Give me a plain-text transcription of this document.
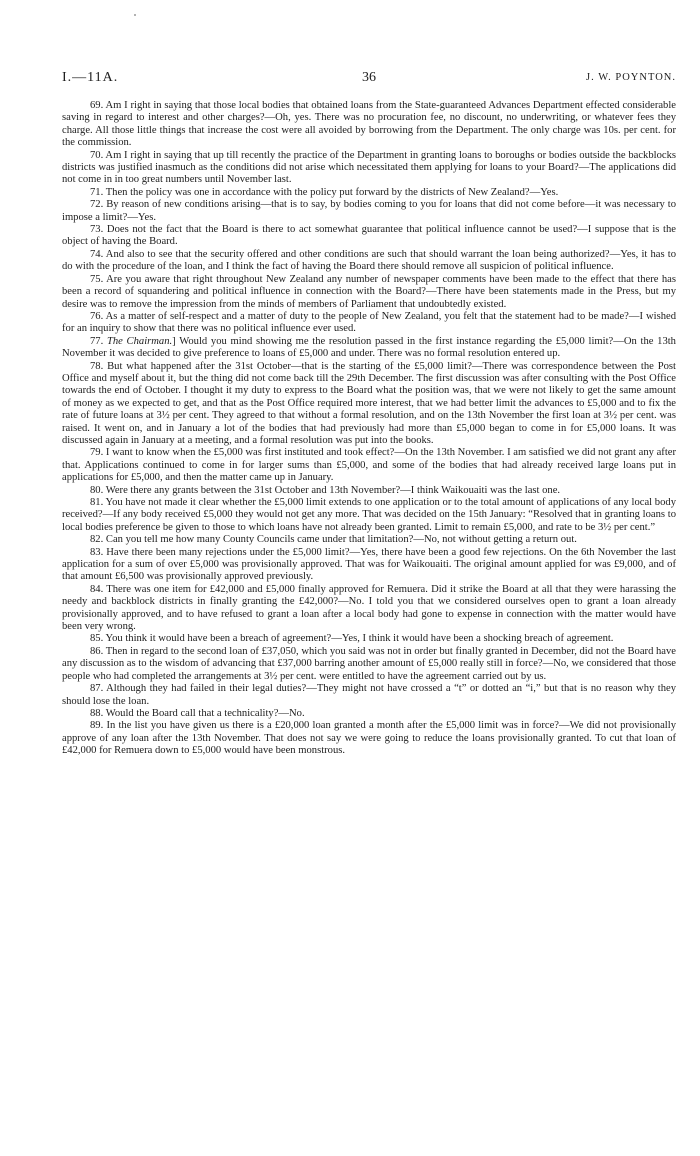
I.—11A.	36	J. W. POYNTON.

69. Am I right in saying that those local bodies that obtained loans from the State-guaranteed Advances Department effected considerable saving in regard to interest and other charges?—Oh, yes. There was no procuration fee, no discount, no underwriting, or whatever fees they charge. All those little things that increase the cost were all avoided by borrowing from the Department. The only charge was 10s. per cent. for the commission.

70. Am I right in saying that up till recently the practice of the Department in granting loans to boroughs or bodies outside the backblocks districts was justified inasmuch as the conditions did not arise which necessitated them applying for loans to your Board?—The applications did not come in in too great numbers until November last.

71. Then the policy was one in accordance with the policy put forward by the districts of New Zealand?—Yes.

72. By reason of new conditions arising—that is to say, by bodies coming to you for loans that did not come before—it was necessary to impose a limit?—Yes.

73. Does not the fact that the Board is there to act somewhat guarantee that political influence cannot be used?—I suppose that is the object of having the Board.

74. And also to see that the security offered and other conditions are such that should warrant the loan being authorized?—Yes, it has to do with the procedure of the loan, and I think the fact of having the Board there should remove all suspicion of political influence.

75. Are you aware that right throughout New Zealand any number of newspaper comments have been made to the effect that there has been a record of squandering and political influence in connection with the Board?—There have been statements made in the Press, but my desire was to remove the impression from the minds of members of Parliament that undoubtedly existed.

76. As a matter of self-respect and a matter of duty to the people of New Zealand, you felt that the statement had to be made?—I wished for an inquiry to show that there was no political influence ever used.

77. The Chairman.] Would you mind showing me the resolution passed in the first instance regarding the £5,000 limit?—On the 13th November it was decided to give preference to loans of £5,000 and under. There was no formal resolution entered up.

78. But what happened after the 31st October—that is the starting of the £5,000 limit?—There was correspondence between the Post Office and myself about it, but the thing did not come back till the 29th December. The first discussion was after consulting with the Post Office towards the end of October. I thought it my duty to express to the Board what the position was, that we were not likely to get the same amount of money as we expected to get, and that as the Post Office required more interest, that we had better limit the advances to £5,000 and to fix the rate of future loans at 3½ per cent. They agreed to that without a formal resolution, and on the 13th November the first loan at 3½ per cent. was raised. It went on, and in January a lot of the bodies that had previously had more than £5,000 began to come in for £5,000 loans. It was discussed again in January at a meeting, and a formal resolution was put into the books.

79. I want to know when the £5,000 was first instituted and took effect?—On the 13th November. I am satisfied we did not grant any after that. Applications continued to come in for larger sums than £5,000, and some of the bodies that had already received large loans put in applications for £5,000, and then the matter came up in January.

80. Were there any grants between the 31st October and 13th November?—I think Waikouaiti was the last one.

81. You have not made it clear whether the £5,000 limit extends to one application or to the total amount of applications of any local body received?—If any body received £5,000 they would not get any more. That was decided on the 15th January: “Resolved that in granting loans to local bodies preference be given to those to which loans have not already been granted. Limit to remain £5,000, and rate to be 3½ per cent.”

82. Can you tell me how many County Councils came under that limitation?—No, not without getting a return out.

83. Have there been many rejections under the £5,000 limit?—Yes, there have been a good few rejections. On the 6th November the last application for a sum of over £5,000 was provisionally approved. That was for Waikouaiti. The original amount applied for was £9,000, and of that amount £6,500 was provisionally approved previously.

84. There was one item for £42,000 and £5,000 finally approved for Remuera. Did it strike the Board at all that they were harassing the needy and backblock districts in finally granting the £42,000?—No. I told you that we considered ourselves open to grant a loan already provisionally approved, and to have refused to grant a loan after a local body had gone to expense in connection with the matter would have been very wrong.

85. You think it would have been a breach of agreement?—Yes, I think it would have been a shocking breach of agreement.

86. Then in regard to the second loan of £37,050, which you said was not in order but finally granted in December, did not the Board have any discussion as to the wisdom of advancing that £37,000 barring another amount of £5,000 really still in force?—No, we considered that those people who had completed the arrangements at 3½ per cent. were entitled to have the agreement carried out by us.

87. Although they had failed in their legal duties?—They might not have crossed a “t” or dotted an “i,” but that is no reason why they should lose the loan.

88. Would the Board call that a technicality?—No.

89. In the list you have given us there is a £20,000 loan granted a month after the £5,000 limit was in force?—We did not provisionally approve of any loan after the 13th November. That does not say we were going to reduce the loans provisionally granted. To cut that loan of £42,000 for Remuera down to £5,000 would have been monstrous.
